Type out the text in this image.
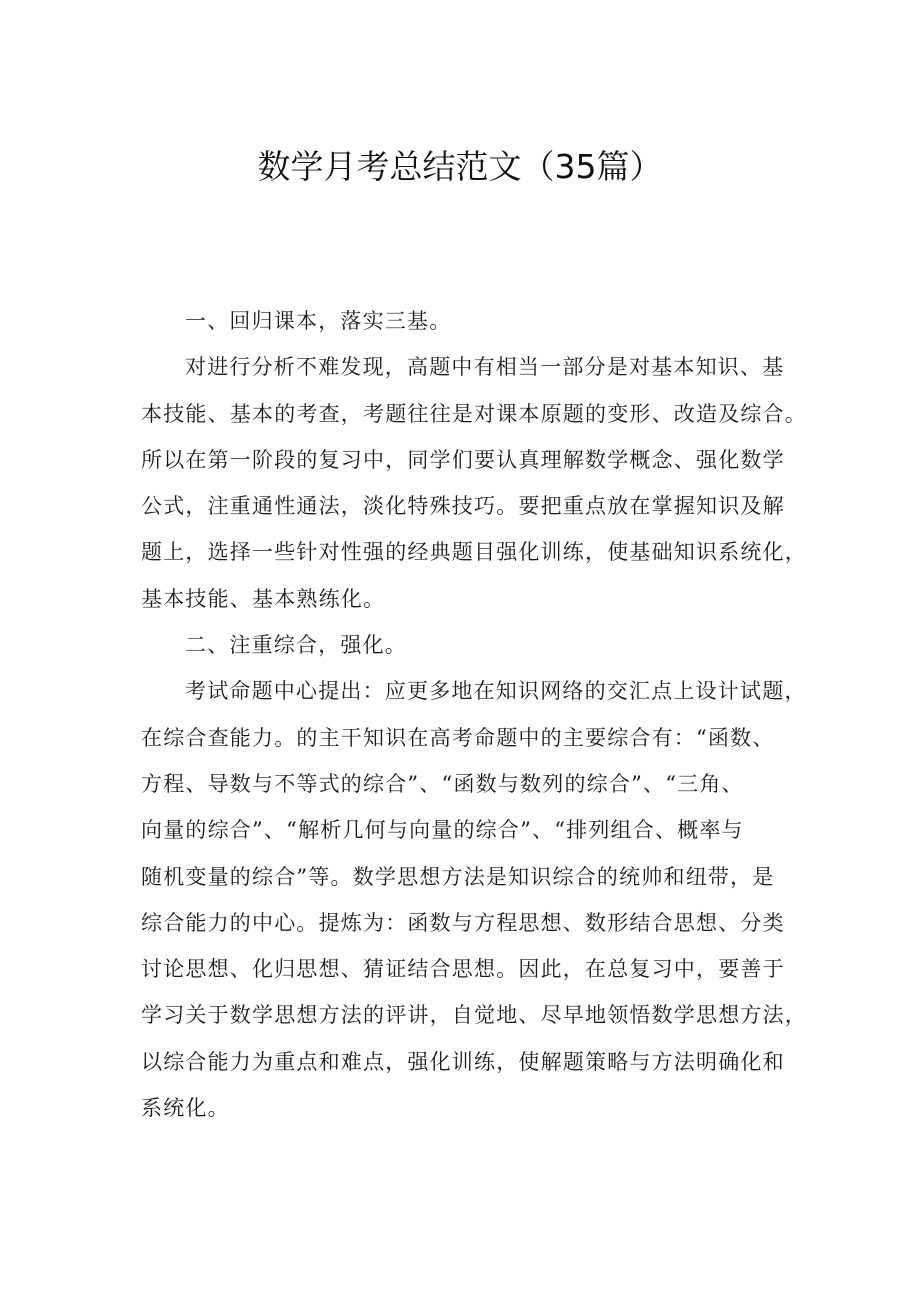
数学月考总结范文（35篇）
一、回归课本，落实三基。
对进行分析不难发现，高题中有相当一部分是对基本知识、基
本技能、基本的考查，考题往往是对课本原题的变形、改造及综合。
所以在第一阶段的复习中，同学们要认真理解数学概念、强化数学
公式，注重通性通法，淡化特殊技巧。要把重点放在掌握知识及解
题上，选择一些针对性强的经典题目强化训练，使基础知识系统化，
基本技能、基本熟练化。
二、注重综合，强化。
考试命题中心提出：应更多地在知识网络的交汇点上设计试题，
在综合查能力。的主干知识在高考命题中的主要综合有：“函数、
方程、导数与不等式的综合”、“函数与数列的综合”、“三角、
向量的综合”、“解析几何与向量的综合”、“排列组合、概率与
随机变量的综合”等。数学思想方法是知识综合的统帅和纽带，是
综合能力的中心。提炼为：函数与方程思想、数形结合思想、分类
讨论思想、化归思想、猜证结合思想。因此，在总复习中，要善于
学习关于数学思想方法的评讲，自觉地、尽早地领悟数学思想方法，
以综合能力为重点和难点，强化训练，使解题策略与方法明确化和
系统化。
